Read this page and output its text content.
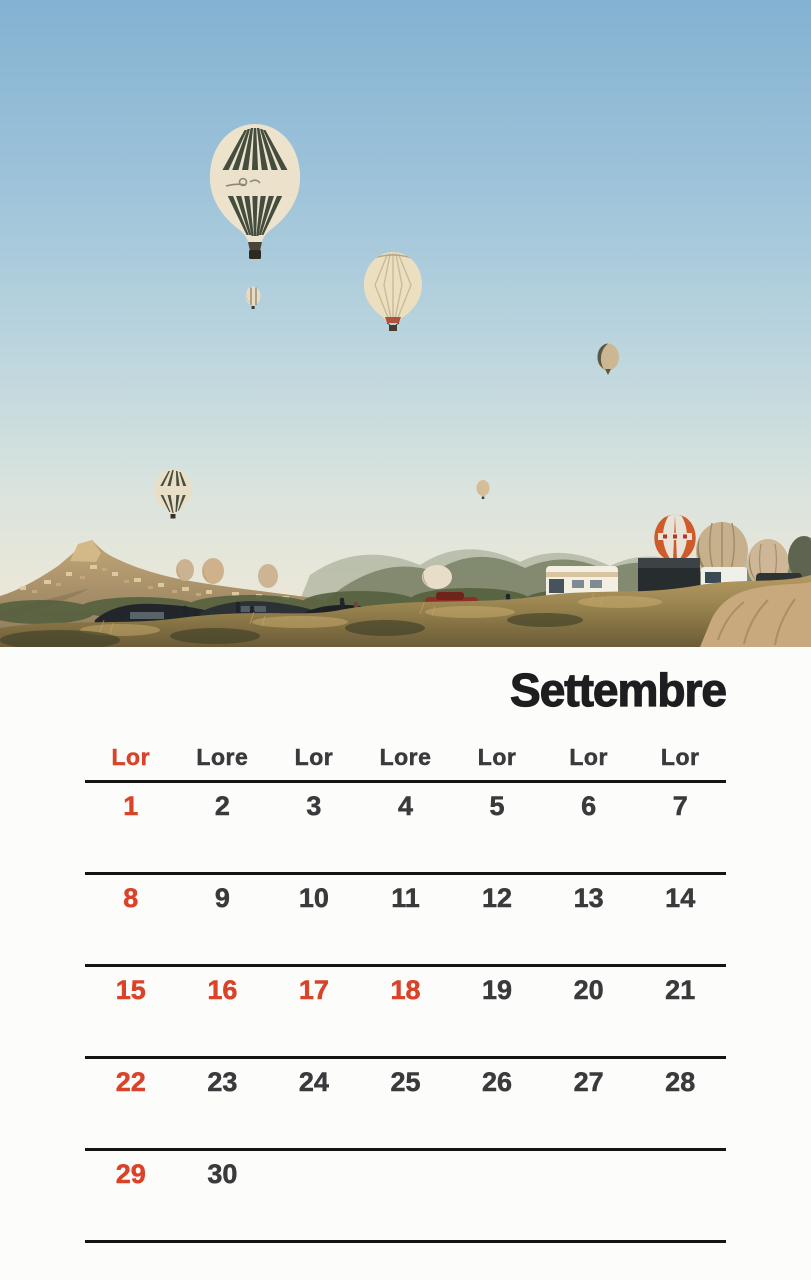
Settembre
Lor	Lore	Lor	Lore	Lor	Lor	Lor
1	2	3	4	5	6	7
8	9	10	11	12	13	14
15	16	17	18	19	20	21
22	23	24	25	26	27	28
29	30
